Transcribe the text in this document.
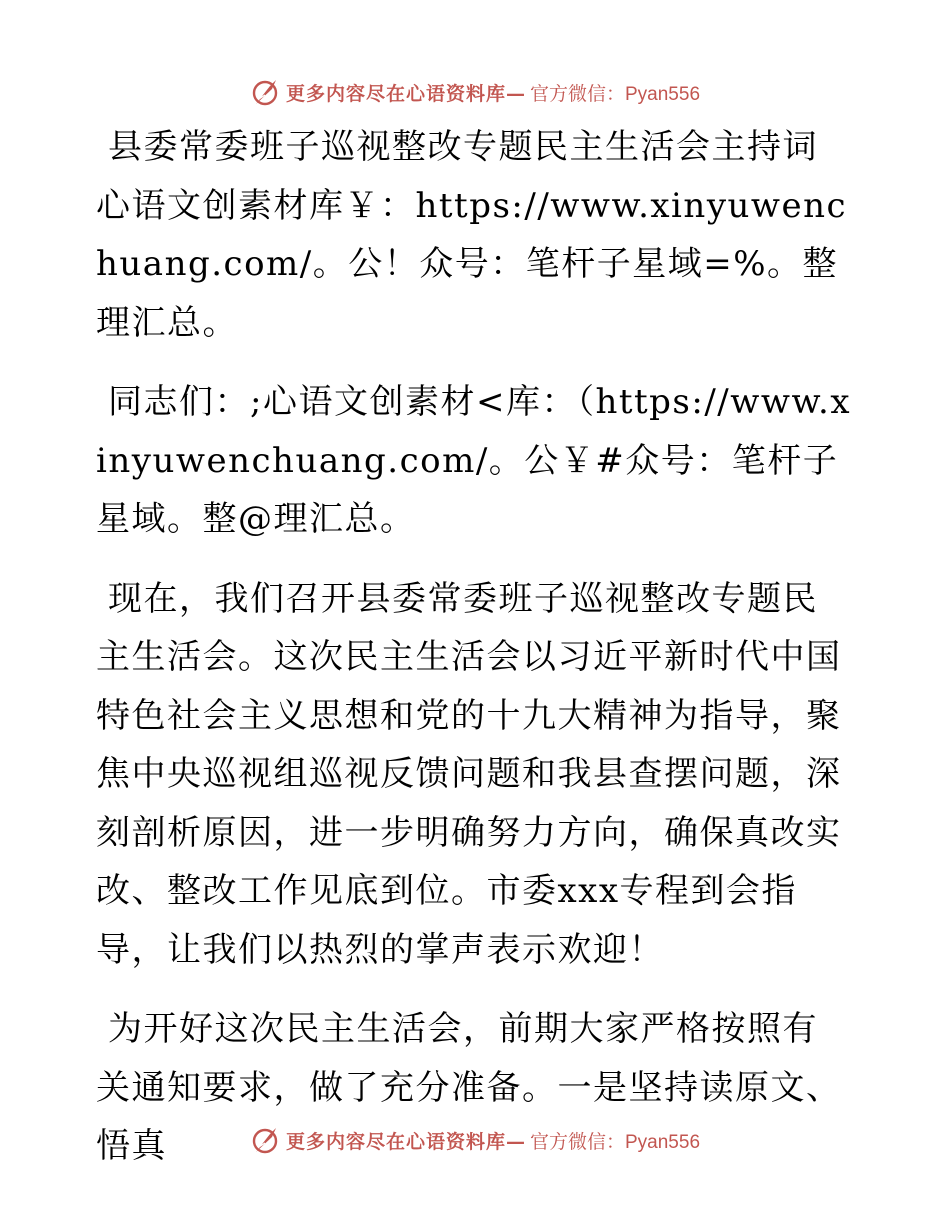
更多内容尽在心语资料库— 官方微信：Pyan556

县委常委班子巡视整改专题民主生活会主持词心语文创素材库￥：https://www.xinyuwenchuang.com/。公！众号：笔杆子星域=%。整理汇总。

同志们：;心语文创素材<库：（https://www.xinyuwenchuang.com/。公￥#众号：笔杆子星域。整@理汇总。

现在，我们召开县委常委班子巡视整改专题民主生活会。这次民主生活会以习近平新时代中国特色社会主义思想和党的十九大精神为指导，聚焦中央巡视组巡视反馈问题和我县查摆问题，深刻剖析原因，进一步明确努力方向，确保真改实改、整改工作见底到位。市委xxx专程到会指导，让我们以热烈的掌声表示欢迎！

为开好这次民主生活会，前期大家严格按照有关通知要求，做了充分准备。一是坚持读原文、悟真	更多内容尽在心语资料库— 官方微信：Pyan556
